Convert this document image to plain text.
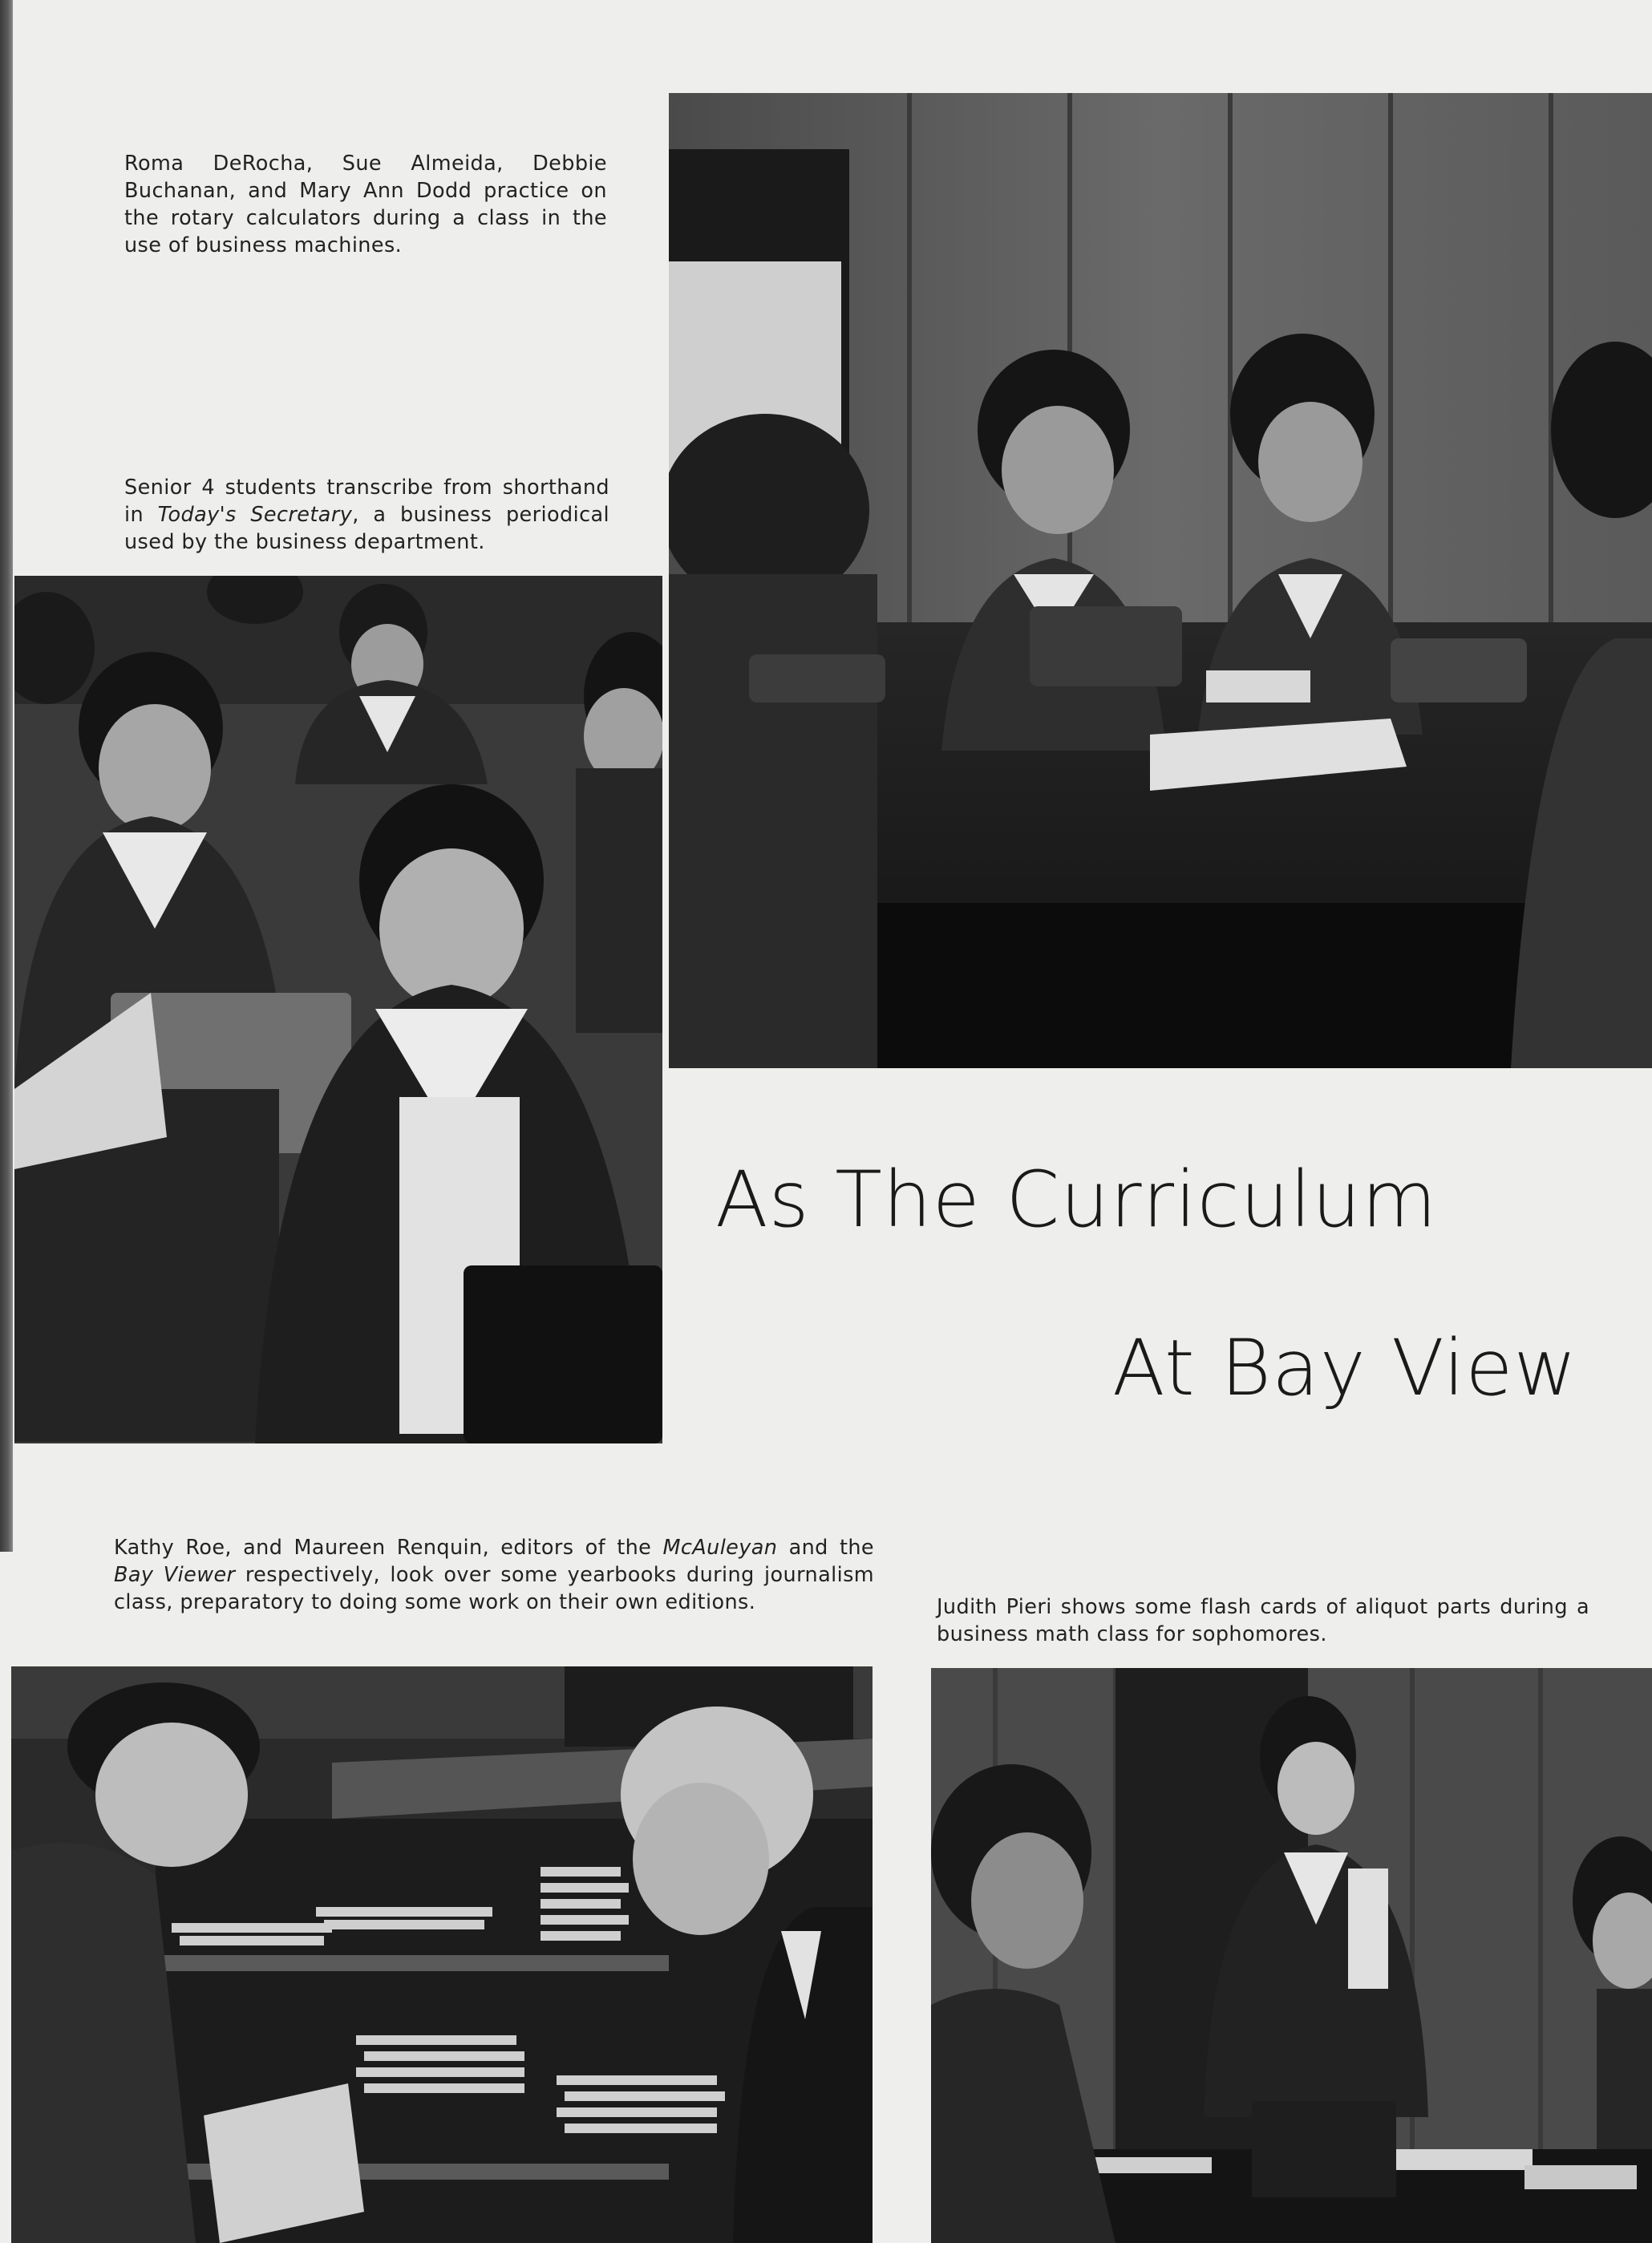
Roma DeRocha, Sue Almeida, Debbie Buchanan, and Mary Ann Dodd practice on the rotary calculators during a class in the use of business machines.

Senior 4 students transcribe from shorthand in Today's Secretary, a business periodical used by the business department.

As The Curriculum
At Bay View

Kathy Roe, and Maureen Renquin, editors of the McAuleyan and the Bay Viewer respectively, look over some yearbooks during journalism class, preparatory to doing some work on their own editions.	Judith Pieri shows some flash cards of aliquot parts during a business math class for sophomores.
